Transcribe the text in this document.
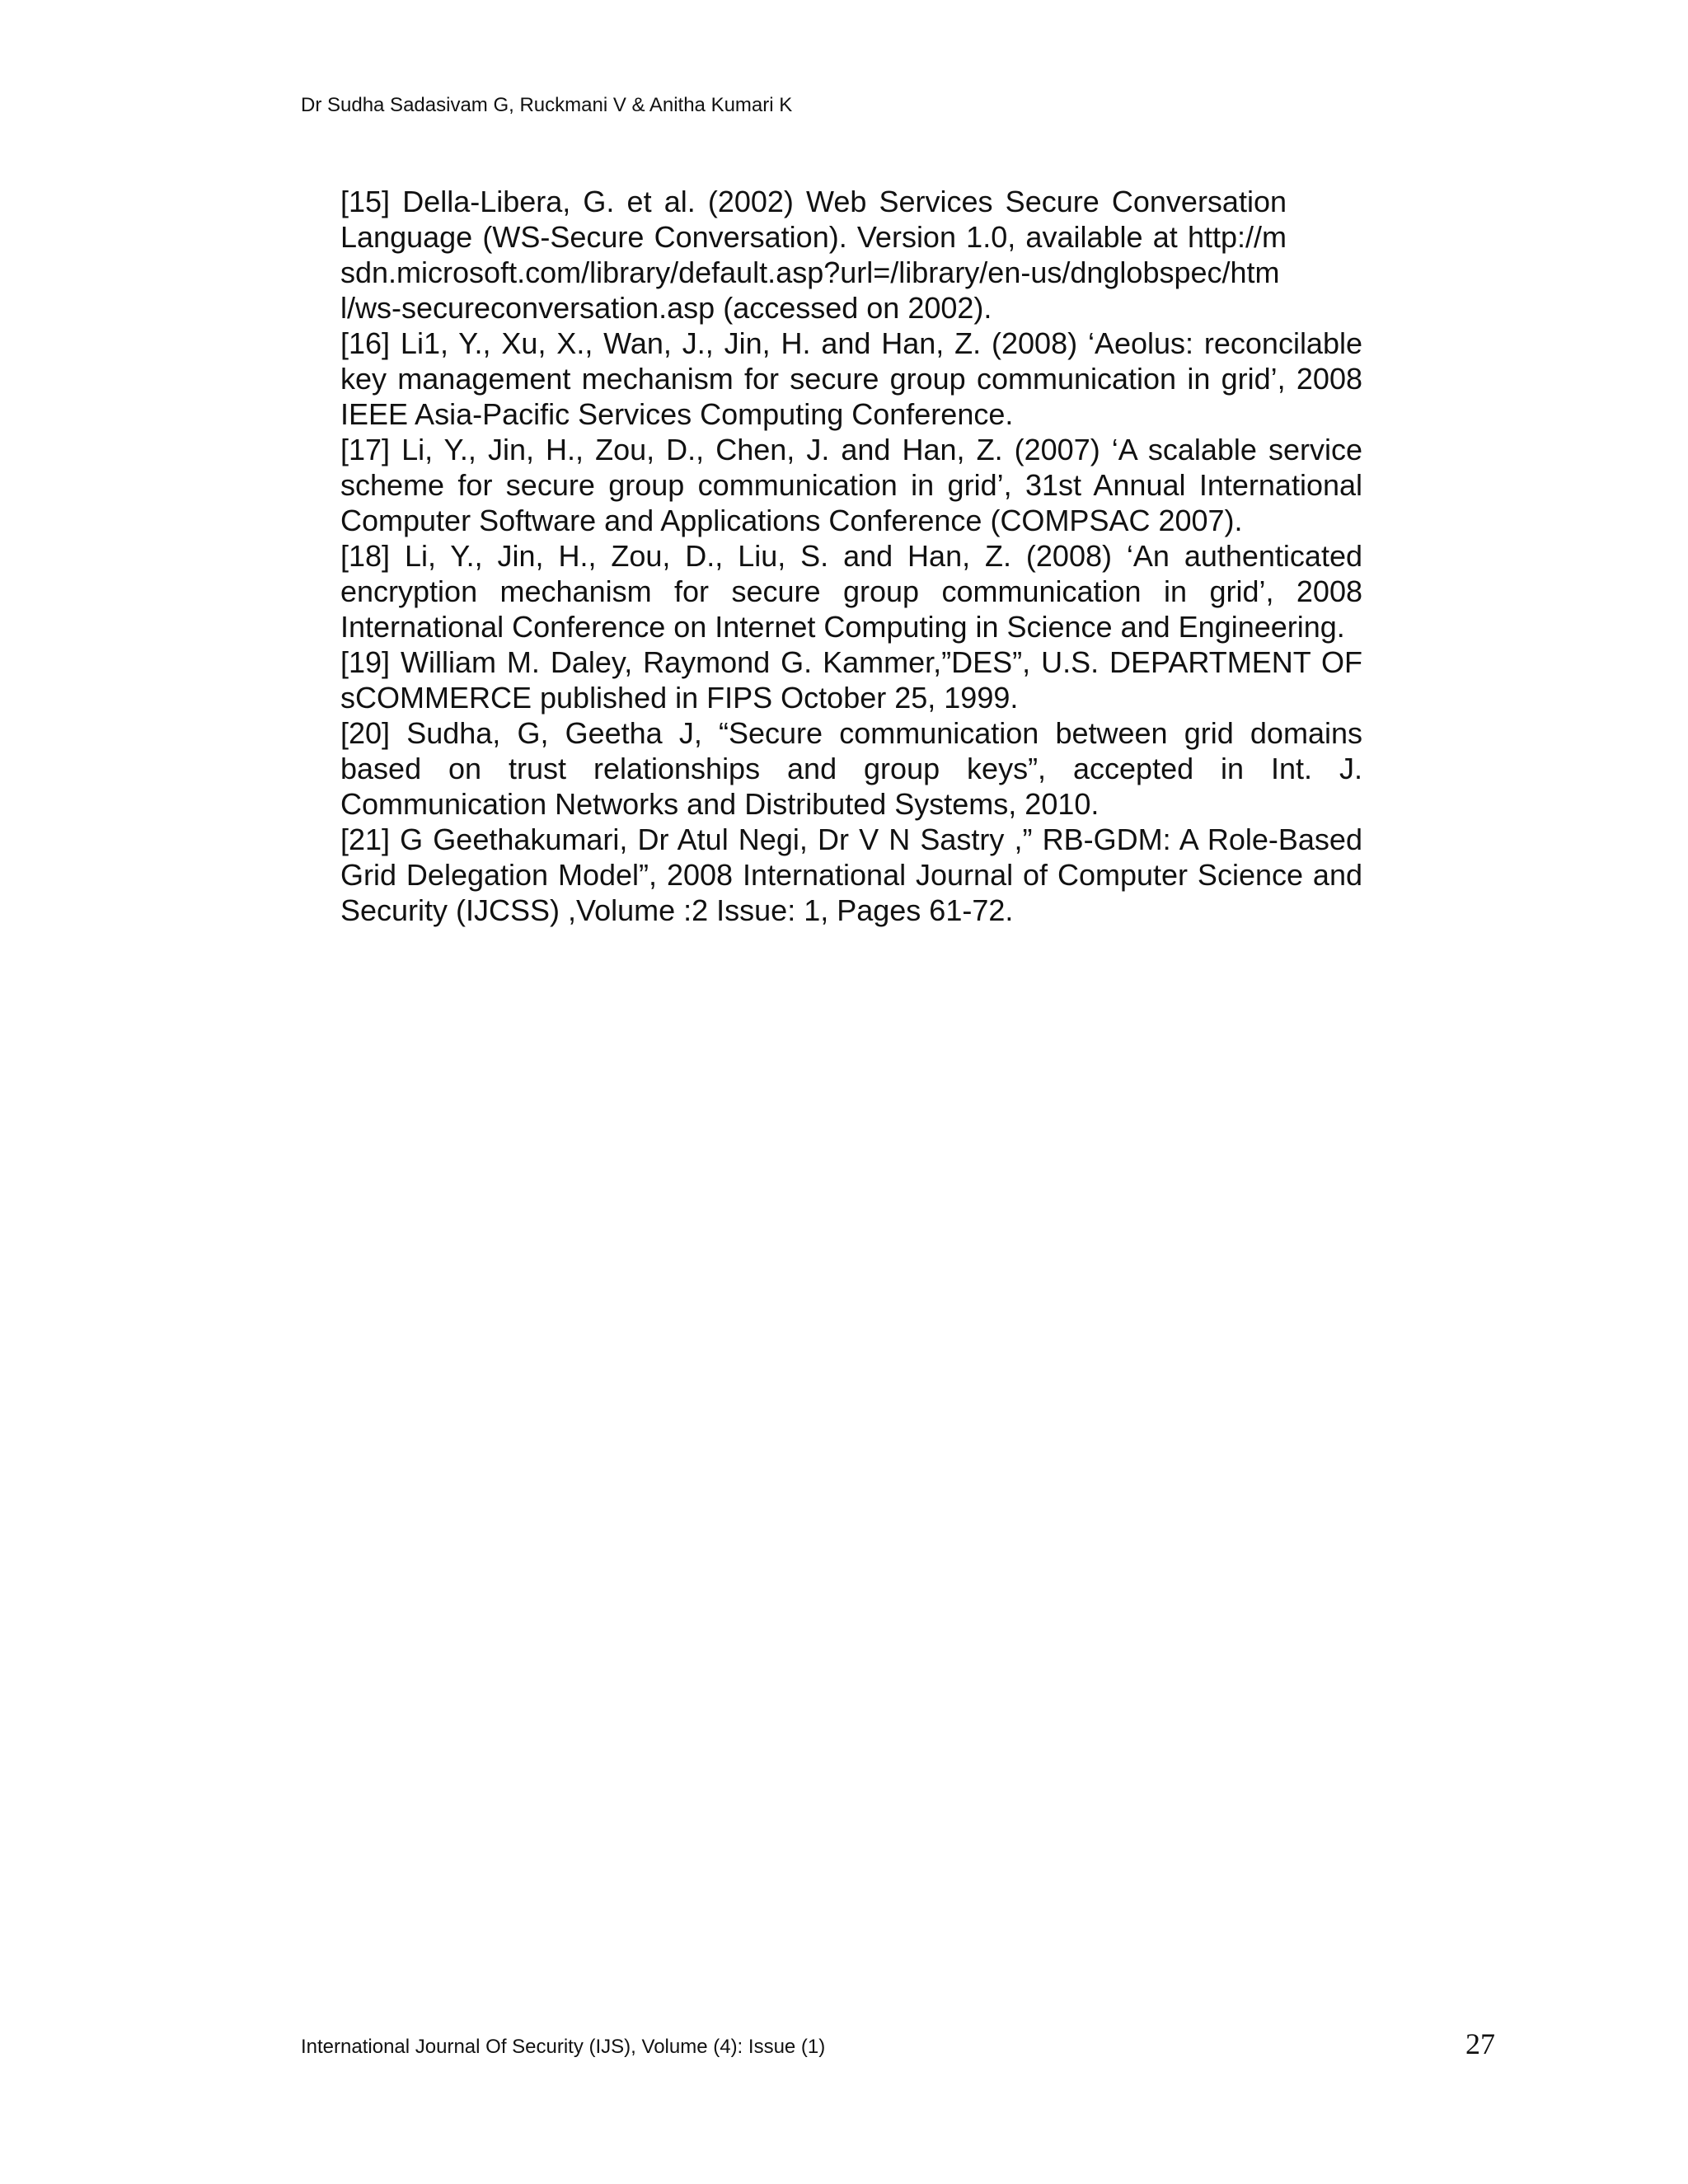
Dr Sudha Sadasivam G, Ruckmani V & Anitha Kumari K
[15] Della-Libera, G. et al. (2002) Web Services Secure Conversation Language (WS-Secure Conversation). Version 1.0, available at http://msdn.microsoft.com/library/default.asp?url=/library/en-us/dnglobspec/html/ws-secureconversation.asp (accessed on 2002).
[16] Li1, Y., Xu, X., Wan, J., Jin, H. and Han, Z. (2008) ‘Aeolus: reconcilable key management mechanism for secure group communication in grid’, 2008 IEEE Asia-Pacific Services Computing Conference.
[17] Li, Y., Jin, H., Zou, D., Chen, J. and Han, Z. (2007) ‘A scalable service scheme for secure group communication in grid’, 31st Annual International Computer Software and Applications Conference (COMPSAC 2007).
[18] Li, Y., Jin, H., Zou, D., Liu, S. and Han, Z. (2008) ‘An authenticated encryption mechanism for secure group communication in grid’, 2008 International Conference on Internet Computing in Science and Engineering.
[19] William M. Daley, Raymond G. Kammer,”DES”, U.S. DEPARTMENT OF sCOMMERCE published in FIPS October 25, 1999.
[20] Sudha, G, Geetha J, “Secure communication between grid domains based on trust relationships and group keys”, accepted in Int. J. Communication Networks and Distributed Systems, 2010.
[21] G Geethakumari, Dr Atul Negi, Dr V N Sastry ,” RB-GDM: A Role-Based Grid Delegation Model”, 2008 International Journal of Computer Science and Security (IJCSS) ,Volume :2 Issue: 1, Pages 61-72.
International Journal Of Security (IJS), Volume (4): Issue (1)	27
